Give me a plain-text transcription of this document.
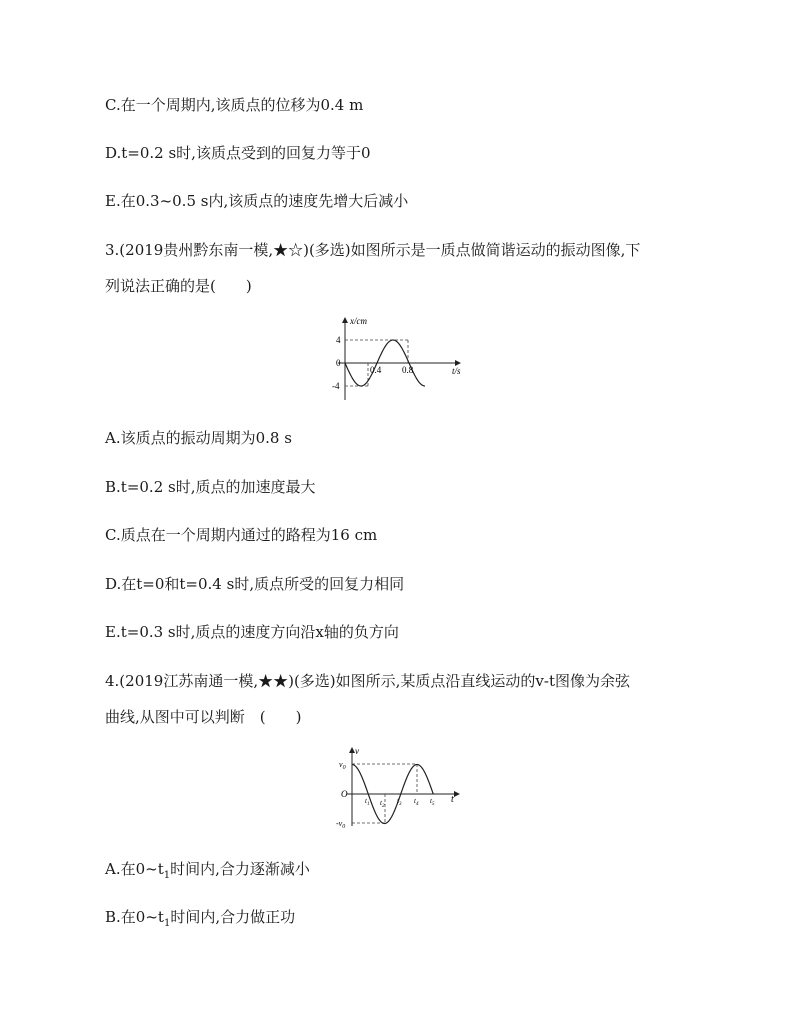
C.在一个周期内,该质点的位移为0.4 m
D.t=0.2 s时,该质点受到的回复力等于0
E.在0.3~0.5 s内,该质点的速度先增大后减小
3.(2019贵州黔东南一模,★☆)(多选)如图所示是一质点做简谐运动的振动图像,下
列说法正确的是(　　)
x/cm
t/s
4
0
-4
0.4 0.8
A.该质点的振动周期为0.8 s
B.t=0.2 s时,质点的加速度最大
C.质点在一个周期内通过的路程为16 cm
D.在t=0和t=0.4 s时,质点所受的回复力相同
E.t=0.3 s时,质点的速度方向沿x轴的负方向
4.(2019江苏南通一模,★★)(多选)如图所示,某质点沿直线运动的v-t图像为余弦
曲线,从图中可以判断　(　　)
v
t
O
$v_0$
$-v_0$
$t_1$ $t_2$
$t_3$ $t_4$ $t_5$
A.在$0\sim t_1$时间内,合力逐渐减小
B.在$0\sim t_1$时间内,合力做正功
